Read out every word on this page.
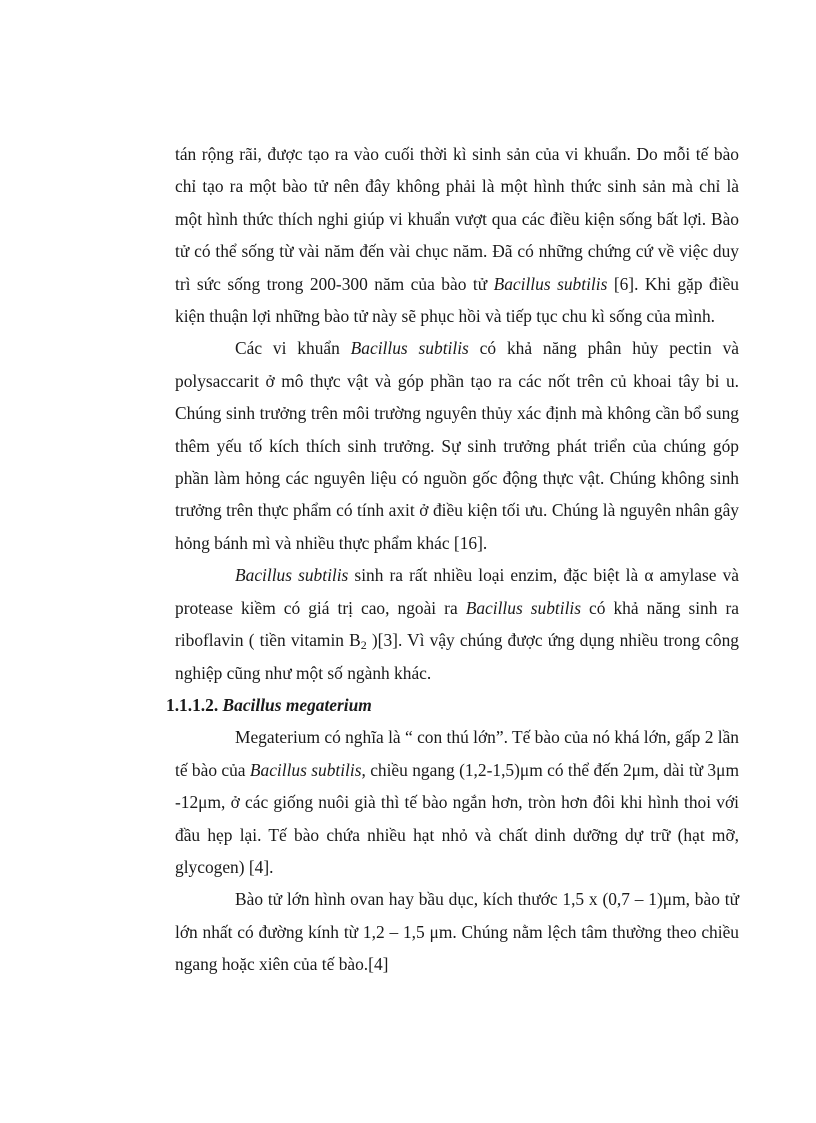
tán rộng rãi, được tạo ra vào cuối thời kì sinh sản của vi khuẩn. Do mỗi tế bào chỉ tạo ra một bào tử nên đây không phải là một hình thức sinh sản mà chỉ là một hình thức thích nghi giúp vi khuẩn vượt qua các điều kiện sống bất lợi. Bào tử có thể sống từ vài năm đến vài chục năm. Đã có những chứng cứ về việc duy trì sức sống trong 200-300 năm của bào tử Bacillus subtilis [6]. Khi gặp điều kiện thuận lợi những bào tử này sẽ phục hồi và tiếp tục chu kì sống của mình.

Các vi khuẩn Bacillus subtilis có khả năng phân hủy pectin và polysaccarit ở mô thực vật và góp phần tạo ra các nốt trên củ khoai tây bi u. Chúng sinh trưởng trên môi trường nguyên thủy xác định mà không cần bổ sung thêm yếu tố kích thích sinh trưởng. Sự sinh trưởng phát triển của chúng góp phần làm hỏng các nguyên liệu có nguồn gốc động thực vật. Chúng không sinh trưởng trên thực phẩm có tính axit ở điều kiện tối ưu. Chúng là nguyên nhân gây hỏng bánh mì và nhiều thực phẩm khác [16].

Bacillus subtilis sinh ra rất nhiều loại enzim, đặc biệt là α amylase và protease kiềm có giá trị cao, ngoài ra Bacillus subtilis có khả năng sinh ra riboflavin ( tiền vitamin $B_2$ )[3]. Vì vậy chúng được ứng dụng nhiều trong công nghiệp cũng như một số ngành khác.

1.1.1.2. Bacillus megaterium

Megaterium có nghĩa là “ con thú lớn”. Tế bào của nó khá lớn, gấp 2 lần tế bào của Bacillus subtilis, chiều ngang (1,2-1,5)μm có thể đến 2μm, dài từ 3μm -12μm, ở các giống nuôi già thì tế bào ngắn hơn, tròn hơn đôi khi hình thoi với đầu hẹp lại. Tế bào chứa nhiều hạt nhỏ và chất dinh dưỡng dự trữ (hạt mỡ, glycogen) [4].

Bào tử lớn hình ovan hay bầu dục, kích thước 1,5 x (0,7 – 1)μm, bào tử lớn nhất có đường kính từ 1,2 – 1,5 μm. Chúng nằm lệch tâm thường theo chiều ngang hoặc xiên của tế bào.[4]
